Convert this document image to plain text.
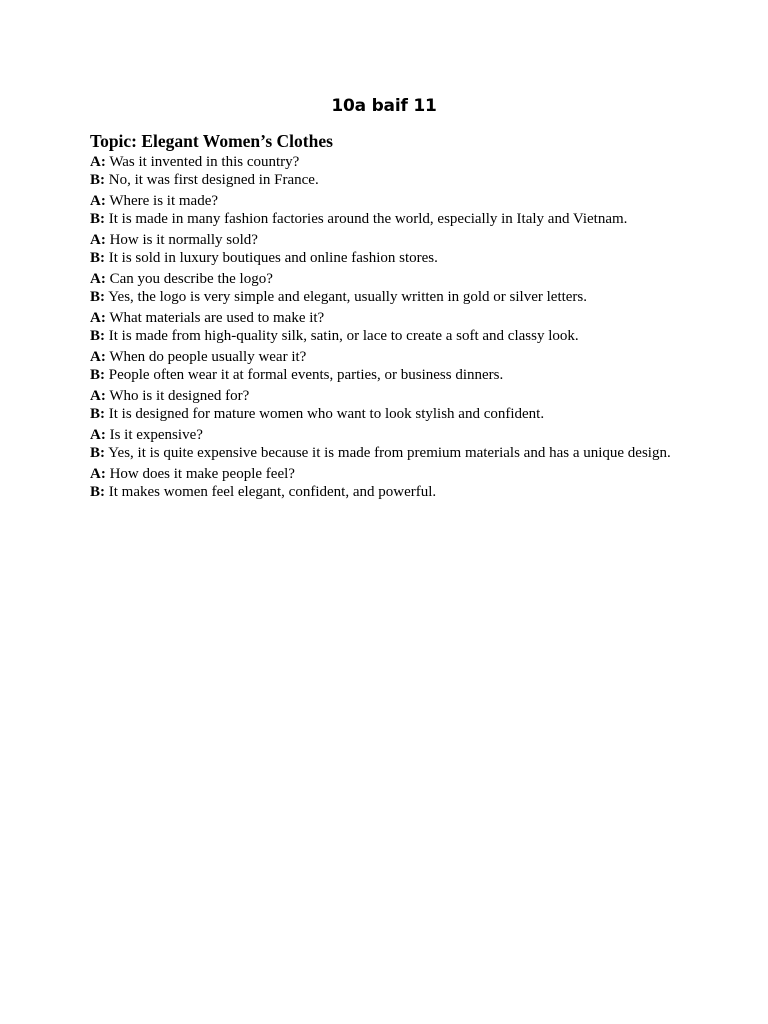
10a baif 11
Topic: Elegant Women’s Clothes
A: Was it invented in this country?
B: No, it was first designed in France.
A: Where is it made?
B: It is made in many fashion factories around the world, especially in Italy and Vietnam.
A: How is it normally sold?
B: It is sold in luxury boutiques and online fashion stores.
A: Can you describe the logo?
B: Yes, the logo is very simple and elegant, usually written in gold or silver letters.
A: What materials are used to make it?
B: It is made from high-quality silk, satin, or lace to create a soft and classy look.
A: When do people usually wear it?
B: People often wear it at formal events, parties, or business dinners.
A: Who is it designed for?
B: It is designed for mature women who want to look stylish and confident.
A: Is it expensive?
B: Yes, it is quite expensive because it is made from premium materials and has a unique design.
A: How does it make people feel?
B: It makes women feel elegant, confident, and powerful.
